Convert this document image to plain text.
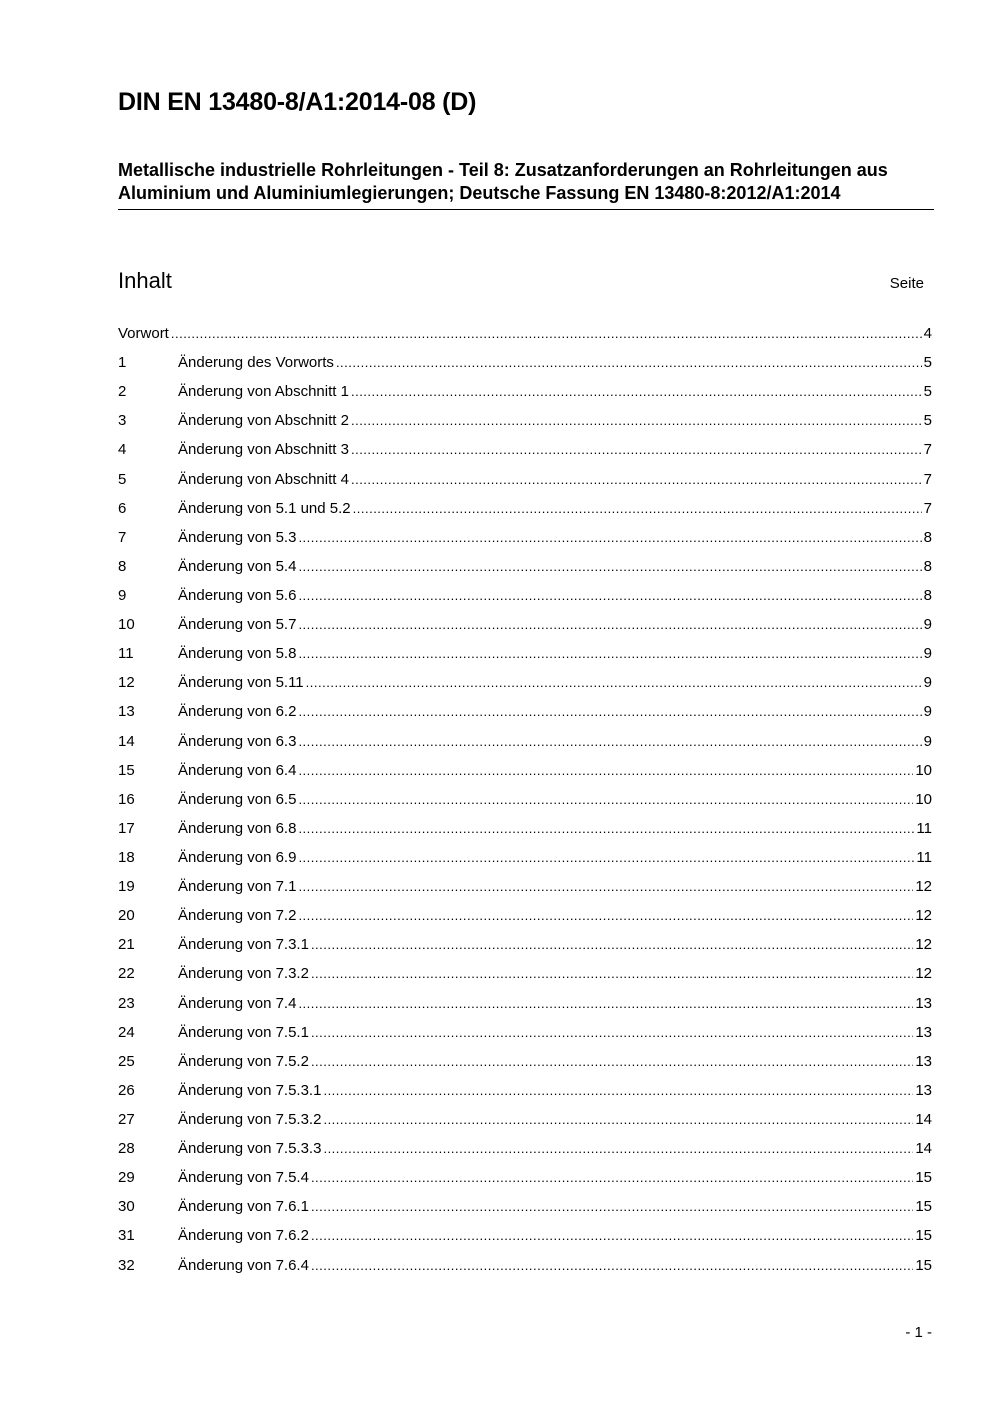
DIN EN 13480-8/A1:2014-08 (D)
Metallische industrielle Rohrleitungen - Teil 8: Zusatzanforderungen an Rohrleitungen aus Aluminium und Aluminiumlegierungen; Deutsche Fassung EN 13480-8:2012/A1:2014
Inhalt	Seite
Vorwort .....	4
1	Änderung des Vorworts .....	5
2	Änderung von Abschnitt 1 .....	5
3	Änderung von Abschnitt 2 .....	5
4	Änderung von Abschnitt 3 .....	7
5	Änderung von Abschnitt 4 .....	7
6	Änderung von 5.1 und 5.2 .....	7
7	Änderung von 5.3 .....	8
8	Änderung von 5.4 .....	8
9	Änderung von 5.6 .....	8
10	Änderung von 5.7 .....	9
11	Änderung von 5.8 .....	9
12	Änderung von 5.11 .....	9
13	Änderung von 6.2 .....	9
14	Änderung von 6.3 .....	9
15	Änderung von 6.4 .....	10
16	Änderung von 6.5 .....	10
17	Änderung von 6.8 .....	11
18	Änderung von 6.9 .....	11
19	Änderung von 7.1 .....	12
20	Änderung von 7.2 .....	12
21	Änderung von 7.3.1 .....	12
22	Änderung von 7.3.2 .....	12
23	Änderung von 7.4 .....	13
24	Änderung von 7.5.1 .....	13
25	Änderung von 7.5.2 .....	13
26	Änderung von 7.5.3.1 .....	13
27	Änderung von 7.5.3.2 .....	14
28	Änderung von 7.5.3.3 .....	14
29	Änderung von 7.5.4 .....	15
30	Änderung von 7.6.1 .....	15
31	Änderung von 7.6.2 .....	15
32	Änderung von 7.6.4 .....	15
- 1 -
